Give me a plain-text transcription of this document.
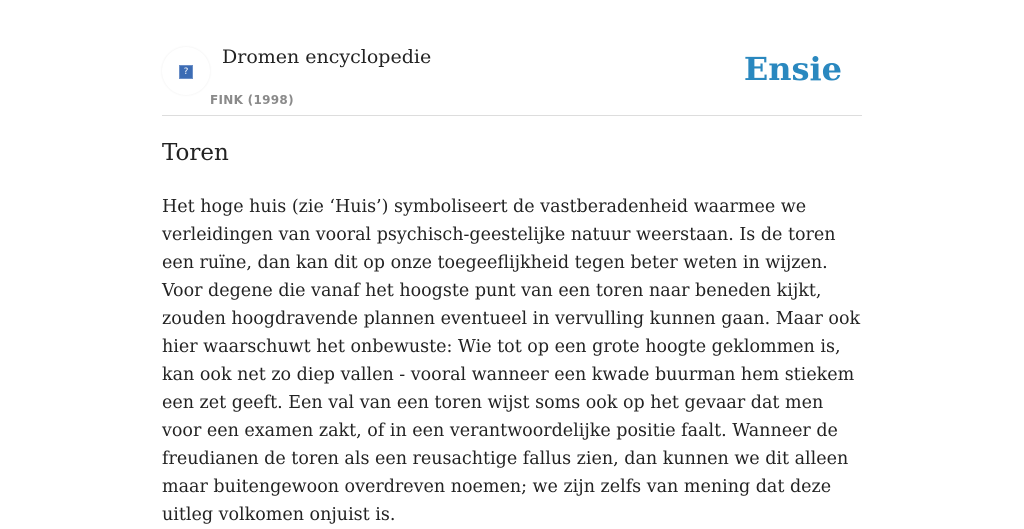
?
Dromen encyclopedie
FINK (1998)
Ensie
Toren

Het hoge huis (zie ‘Huis’) symboliseert de vastberadenheid waarmee we verleidingen van vooral psychisch-geestelijke natuur weerstaan. Is de toren een ruïne, dan kan dit op onze toegeeflijkheid tegen beter weten in wijzen. Voor degene die vanaf het hoogste punt van een toren naar beneden kijkt, zouden hoogdravende plannen eventueel in vervulling kunnen gaan. Maar ook hier waarschuwt het onbewuste: Wie tot op een grote hoogte geklommen is, kan ook net zo diep vallen - vooral wanneer een kwade buurman hem stiekem een zet geeft. Een val van een toren wijst soms ook op het gevaar dat men voor een examen zakt, of in een verantwoordelijke positie faalt. Wanneer de freudianen de toren als een reusachtige fallus zien, dan kunnen we dit alleen maar buitengewoon overdreven noemen; we zijn zelfs van mening dat deze uitleg volkomen onjuist is.
